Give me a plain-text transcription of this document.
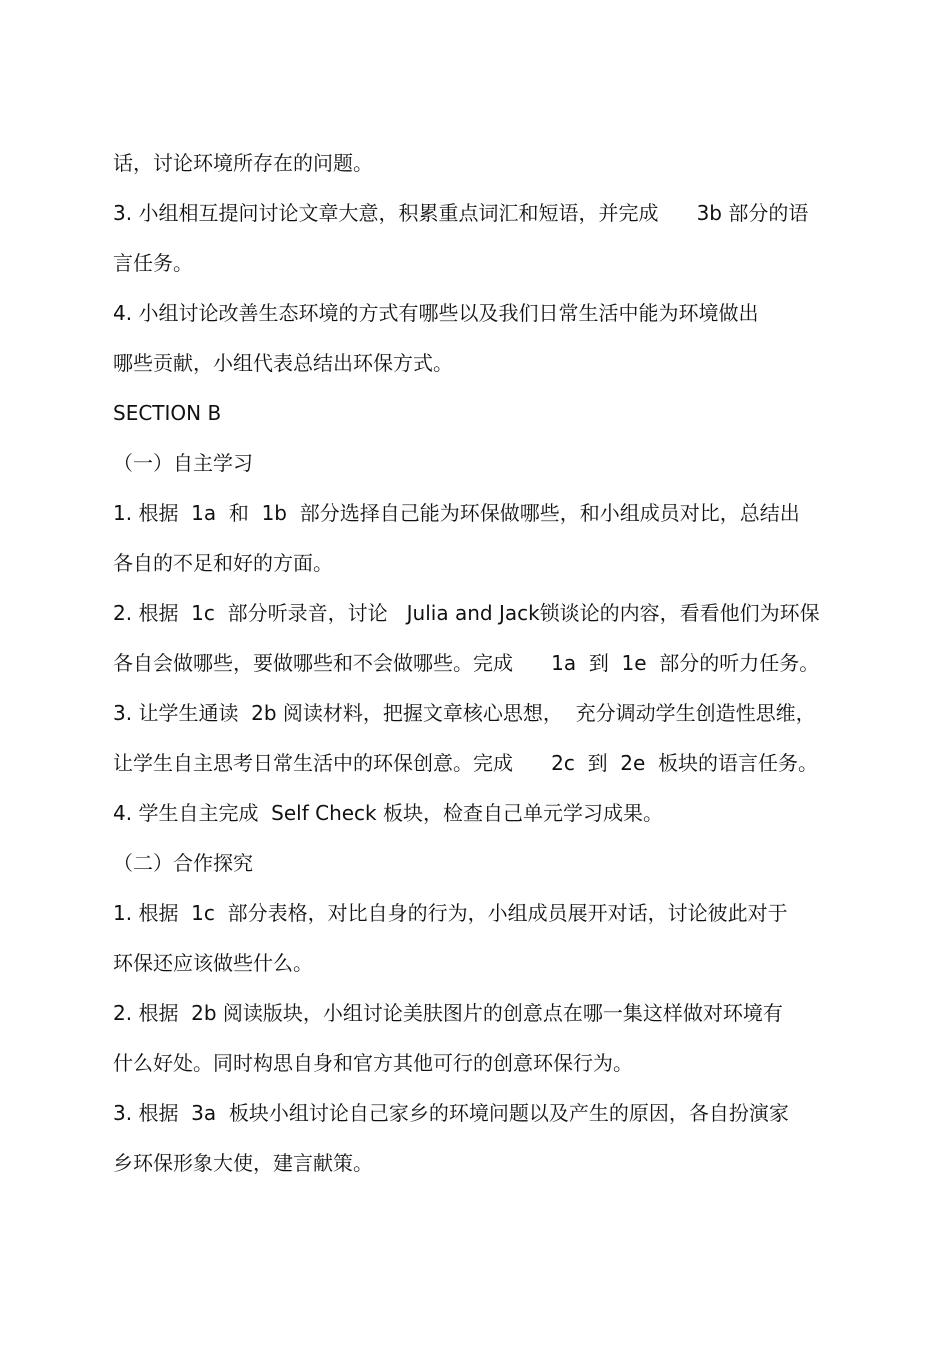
话，讨论环境所存在的问题。

3. 小组相互提问讨论文章大意，积累重点词汇和短语，并完成      3b 部分的语

言任务。

4. 小组讨论改善生态环境的方式有哪些以及我们日常生活中能为环境做出

哪些贡献，小组代表总结出环保方式。

SECTION B

（一）自主学习

1. 根据  1a  和  1b  部分选择自己能为环保做哪些，和小组成员对比，总结出

各自的不足和好的方面。

2. 根据  1c  部分听录音，讨论   Julia and Jack锁谈论的内容，看看他们为环保

各自会做哪些，要做哪些和不会做哪些。完成      1a  到  1e  部分的听力任务。

3. 让学生通读  2b 阅读材料，把握文章核心思想，  充分调动学生创造性思维，

让学生自主思考日常生活中的环保创意。完成      2c  到  2e  板块的语言任务。

4. 学生自主完成  Self Check 板块，检查自己单元学习成果。

（二）合作探究

1. 根据  1c  部分表格，对比自身的行为，小组成员展开对话，讨论彼此对于

环保还应该做些什么。

2. 根据  2b 阅读版块，小组讨论美肤图片的创意点在哪一集这样做对环境有

什么好处。同时构思自身和官方其他可行的创意环保行为。

3. 根据  3a  板块小组讨论自己家乡的环境问题以及产生的原因，各自扮演家

乡环保形象大使，建言献策。
